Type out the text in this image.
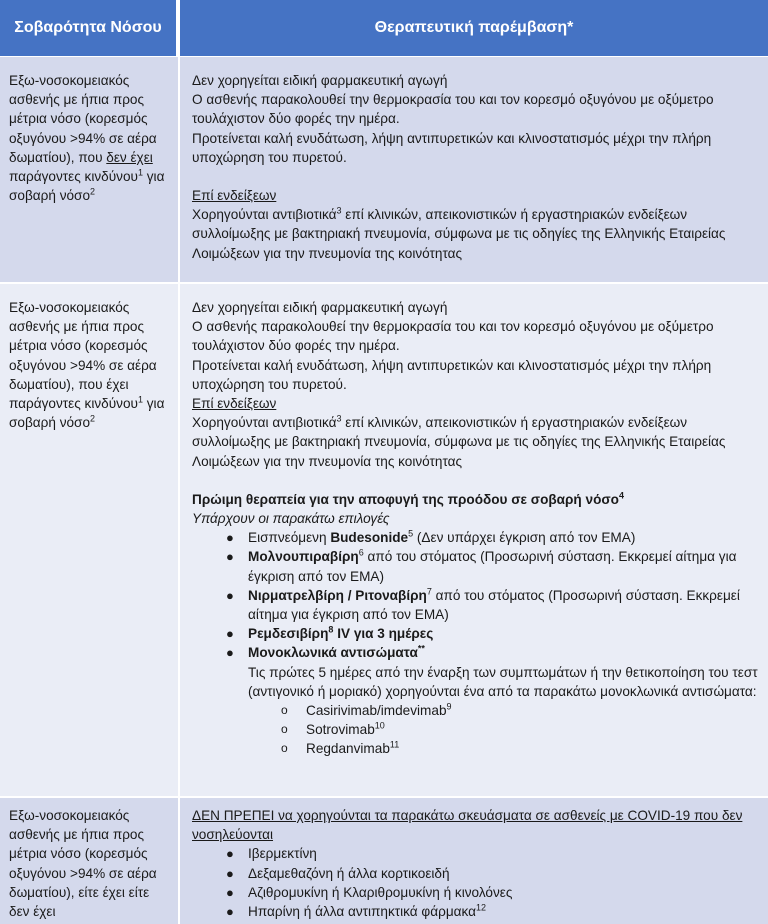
Σοβαρότητα Νόσου	Θεραπευτική παρέμβαση*
Εξω-νοσοκομειακός ασθενής με ήπια προς μέτρια νόσο (κορεσμός οξυγόνου >94% σε αέρα δωματίου), που δεν έχει παράγοντες κινδύνου$^1$ για σοβαρή νόσο$^2$

Δεν χορηγείται ειδική φαρμακευτική αγωγή

Ο ασθενής παρακολουθεί την θερμοκρασία του και τον κορεσμό οξυγόνου με οξύμετρο τουλάχιστον δύο φορές την ημέρα.

Προτείνεται καλή ενυδάτωση, λήψη αντιπυρετικών και κλινοστατισμός μέχρι την πλήρη υποχώρηση του πυρετού.

Επί ενδείξεων

Χορηγούνται αντιβιοτικά$^3$ επί κλινικών, απεικονιστικών ή εργαστηριακών ενδείξεων συλλοίμωξης με βακτηριακή πνευμονία, σύμφωνα με τις οδηγίες της Ελληνικής Εταιρείας Λοιμώξεων για την πνευμονία της κοινότητας

Εξω-νοσοκομειακός ασθενής με ήπια προς μέτρια νόσο (κορεσμός οξυγόνου >94% σε αέρα δωματίου), που έχει παράγοντες κινδύνου$^1$ για σοβαρή νόσο$^2$

Δεν χορηγείται ειδική φαρμακευτική αγωγή

Ο ασθενής παρακολουθεί την θερμοκρασία του και τον κορεσμό οξυγόνου με οξύμετρο τουλάχιστον δύο φορές την ημέρα.

Προτείνεται καλή ενυδάτωση, λήψη αντιπυρετικών και κλινοστατισμός μέχρι την πλήρη υποχώρηση του πυρετού.

Επί ενδείξεων

Χορηγούνται αντιβιοτικά$^3$ επί κλινικών, απεικονιστικών ή εργαστηριακών ενδείξεων συλλοίμωξης με βακτηριακή πνευμονία, σύμφωνα με τις οδηγίες της Ελληνικής Εταιρείας Λοιμώξεων για την πνευμονία της κοινότητας

Πρώιμη θεραπεία για την αποφυγή της προόδου σε σοβαρή νόσο$^4$

Υπάρχουν οι παρακάτω επιλογές

● Εισπνεόμενη Budesonide$^5$ (Δεν υπάρχει έγκριση από τον EMA)
● Μολνουπιραβίρη$^6$ από του στόματος (Προσωρινή σύσταση. Εκκρεμεί αίτημα για έγκριση από τον EMA)
● Νιρματρελβίρη / Ριτοναβίρη$^7$ από του στόματος (Προσωρινή σύσταση. Εκκρεμεί αίτημα για έγκριση από τον EMA)
● Ρεμδεσιβίρη$^8$ IV για 3 ημέρες
● Μονοκλωνικά αντισώματα**

Τις πρώτες 5 ημέρες από την έναρξη των συμπτωμάτων ή την θετικοποίηση του τεστ (αντιγονικό ή μοριακό) χορηγούνται ένα από τα παρακάτω μονοκλωνικά αντισώματα:

o Casirivimab/imdevimab$^9$
o Sotrovimab$^{10}$
o Regdanvimab$^{11}$
Εξω-νοσοκομειακός ασθενής με ήπια προς μέτρια νόσο (κορεσμός οξυγόνου >94% σε αέρα δωματίου), είτε έχει είτε δεν έχει

ΔΕΝ ΠΡΕΠΕΙ να χορηγούνται τα παρακάτω σκευάσματα σε ασθενείς με COVID-19 που δεν νοσηλεύονται

● Ιβερμεκτίνη
● Δεξαμεθαζόνη ή άλλα κορτικοειδή
● Αζιθρομυκίνη ή Κλαριθρομυκίνη ή κινολόνες
● Ηπαρίνη ή άλλα αντιπηκτικά φάρμακα$^{12}$
